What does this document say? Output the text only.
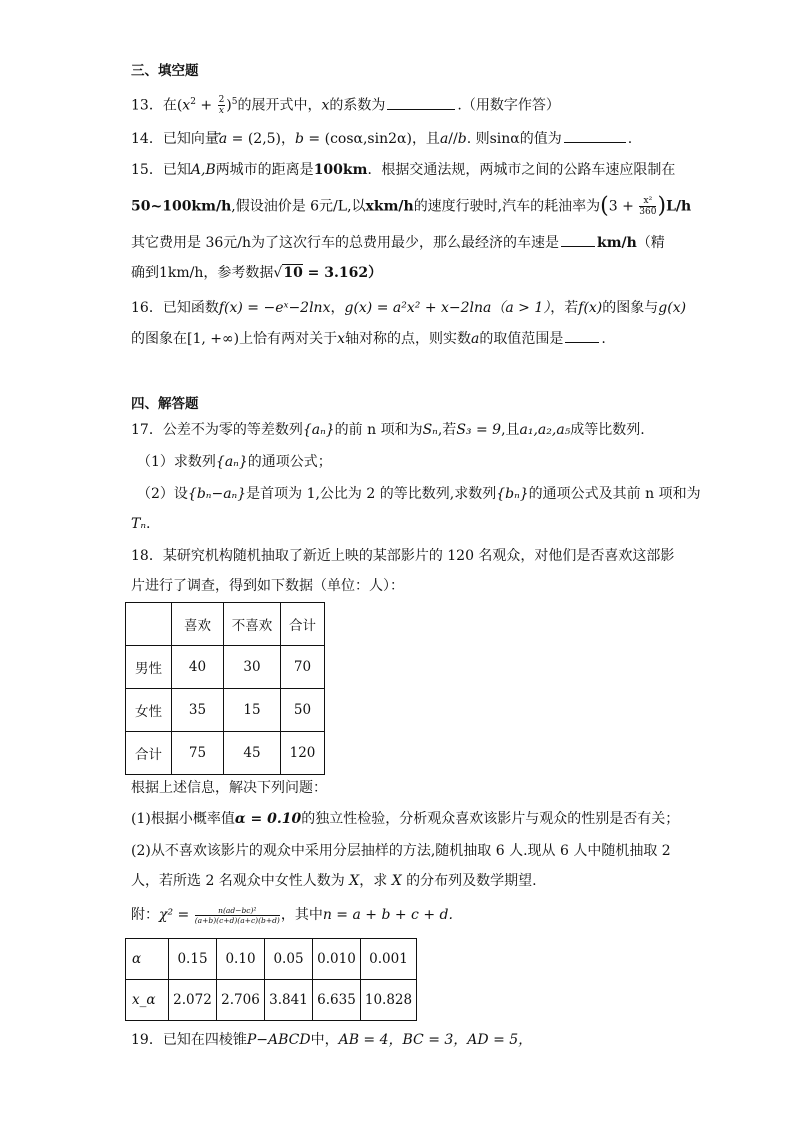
三、填空题
13．在$(x^2 + \frac{2}{x} )^5$的展开式中，x的系数为	.（用数字作答）
14．已知向量a = (2,5)，b = (cosα,sin2α)，且a//b. 则sinα的值为	.
15．已知A,B两城市的距离是100km．根据交通法规，两城市之间的公路车速应限制在
50~100km/h,假设油价是 6元/L,以xkm/h的速度行驶时,汽车的耗油率为$(3 + \frac{\text{x²}}{360} )L/h$
其它费用是 36元/h为了这次行车的总费用最少，那么最经济的车速是	km/h（精
确到1km/h，参考数据√10 = 3.162）
16．已知函数f(x) = −eˣ−2lnx，g(x) = a²x² + x−2lna（a > 1），若f(x)的图象与g(x)
的图象在[1, +∞)上恰有两对关于x轴对称的点，则实数a的取值范围是	.
四、解答题
17．公差不为零的等差数列{aₙ}的前 n 项和为Sₙ,若S₃ = 9,且a₁,a₂,a₅成等比数列.
（1）求数列{aₙ}的通项公式；
（2）设{bₙ−aₙ}是首项为 1,公比为 2 的等比数列,求数列{bₙ}的通项公式及其前 n 项和为
Tₙ.
18．某研究机构随机抽取了新近上映的某部影片的 120 名观众，对他们是否喜欢这部影
片进行了调查，得到如下数据（单位：人）：
	喜欢	不喜欢	合计
男性	40	30	70
女性	35	15	50
合计	75	45	120
根据上述信息，解决下列问题：
(1)根据小概率值α = 0.10的独立性检验，分析观众喜欢该影片与观众的性别是否有关；
(2)从不喜欢该影片的观众中采用分层抽样的方法,随机抽取 6 人.现从 6 人中随机抽取 2
人，若所选 2 名观众中女性人数为 X，求 X 的分布列及数学期望.
附：$\chi^2 = \frac{\text{n(ad−bc)²}}{(a+b)(c+d)(a+c)(b+d)}$ ，其中n = a + b + c + d.
α	0.15	0.10	0.05	0.010	0.001
x_α	2.072	2.706	3.841	6.635	10.828
19．已知在四棱锥P−ABCD中，AB = 4，BC = 3，AD = 5，
